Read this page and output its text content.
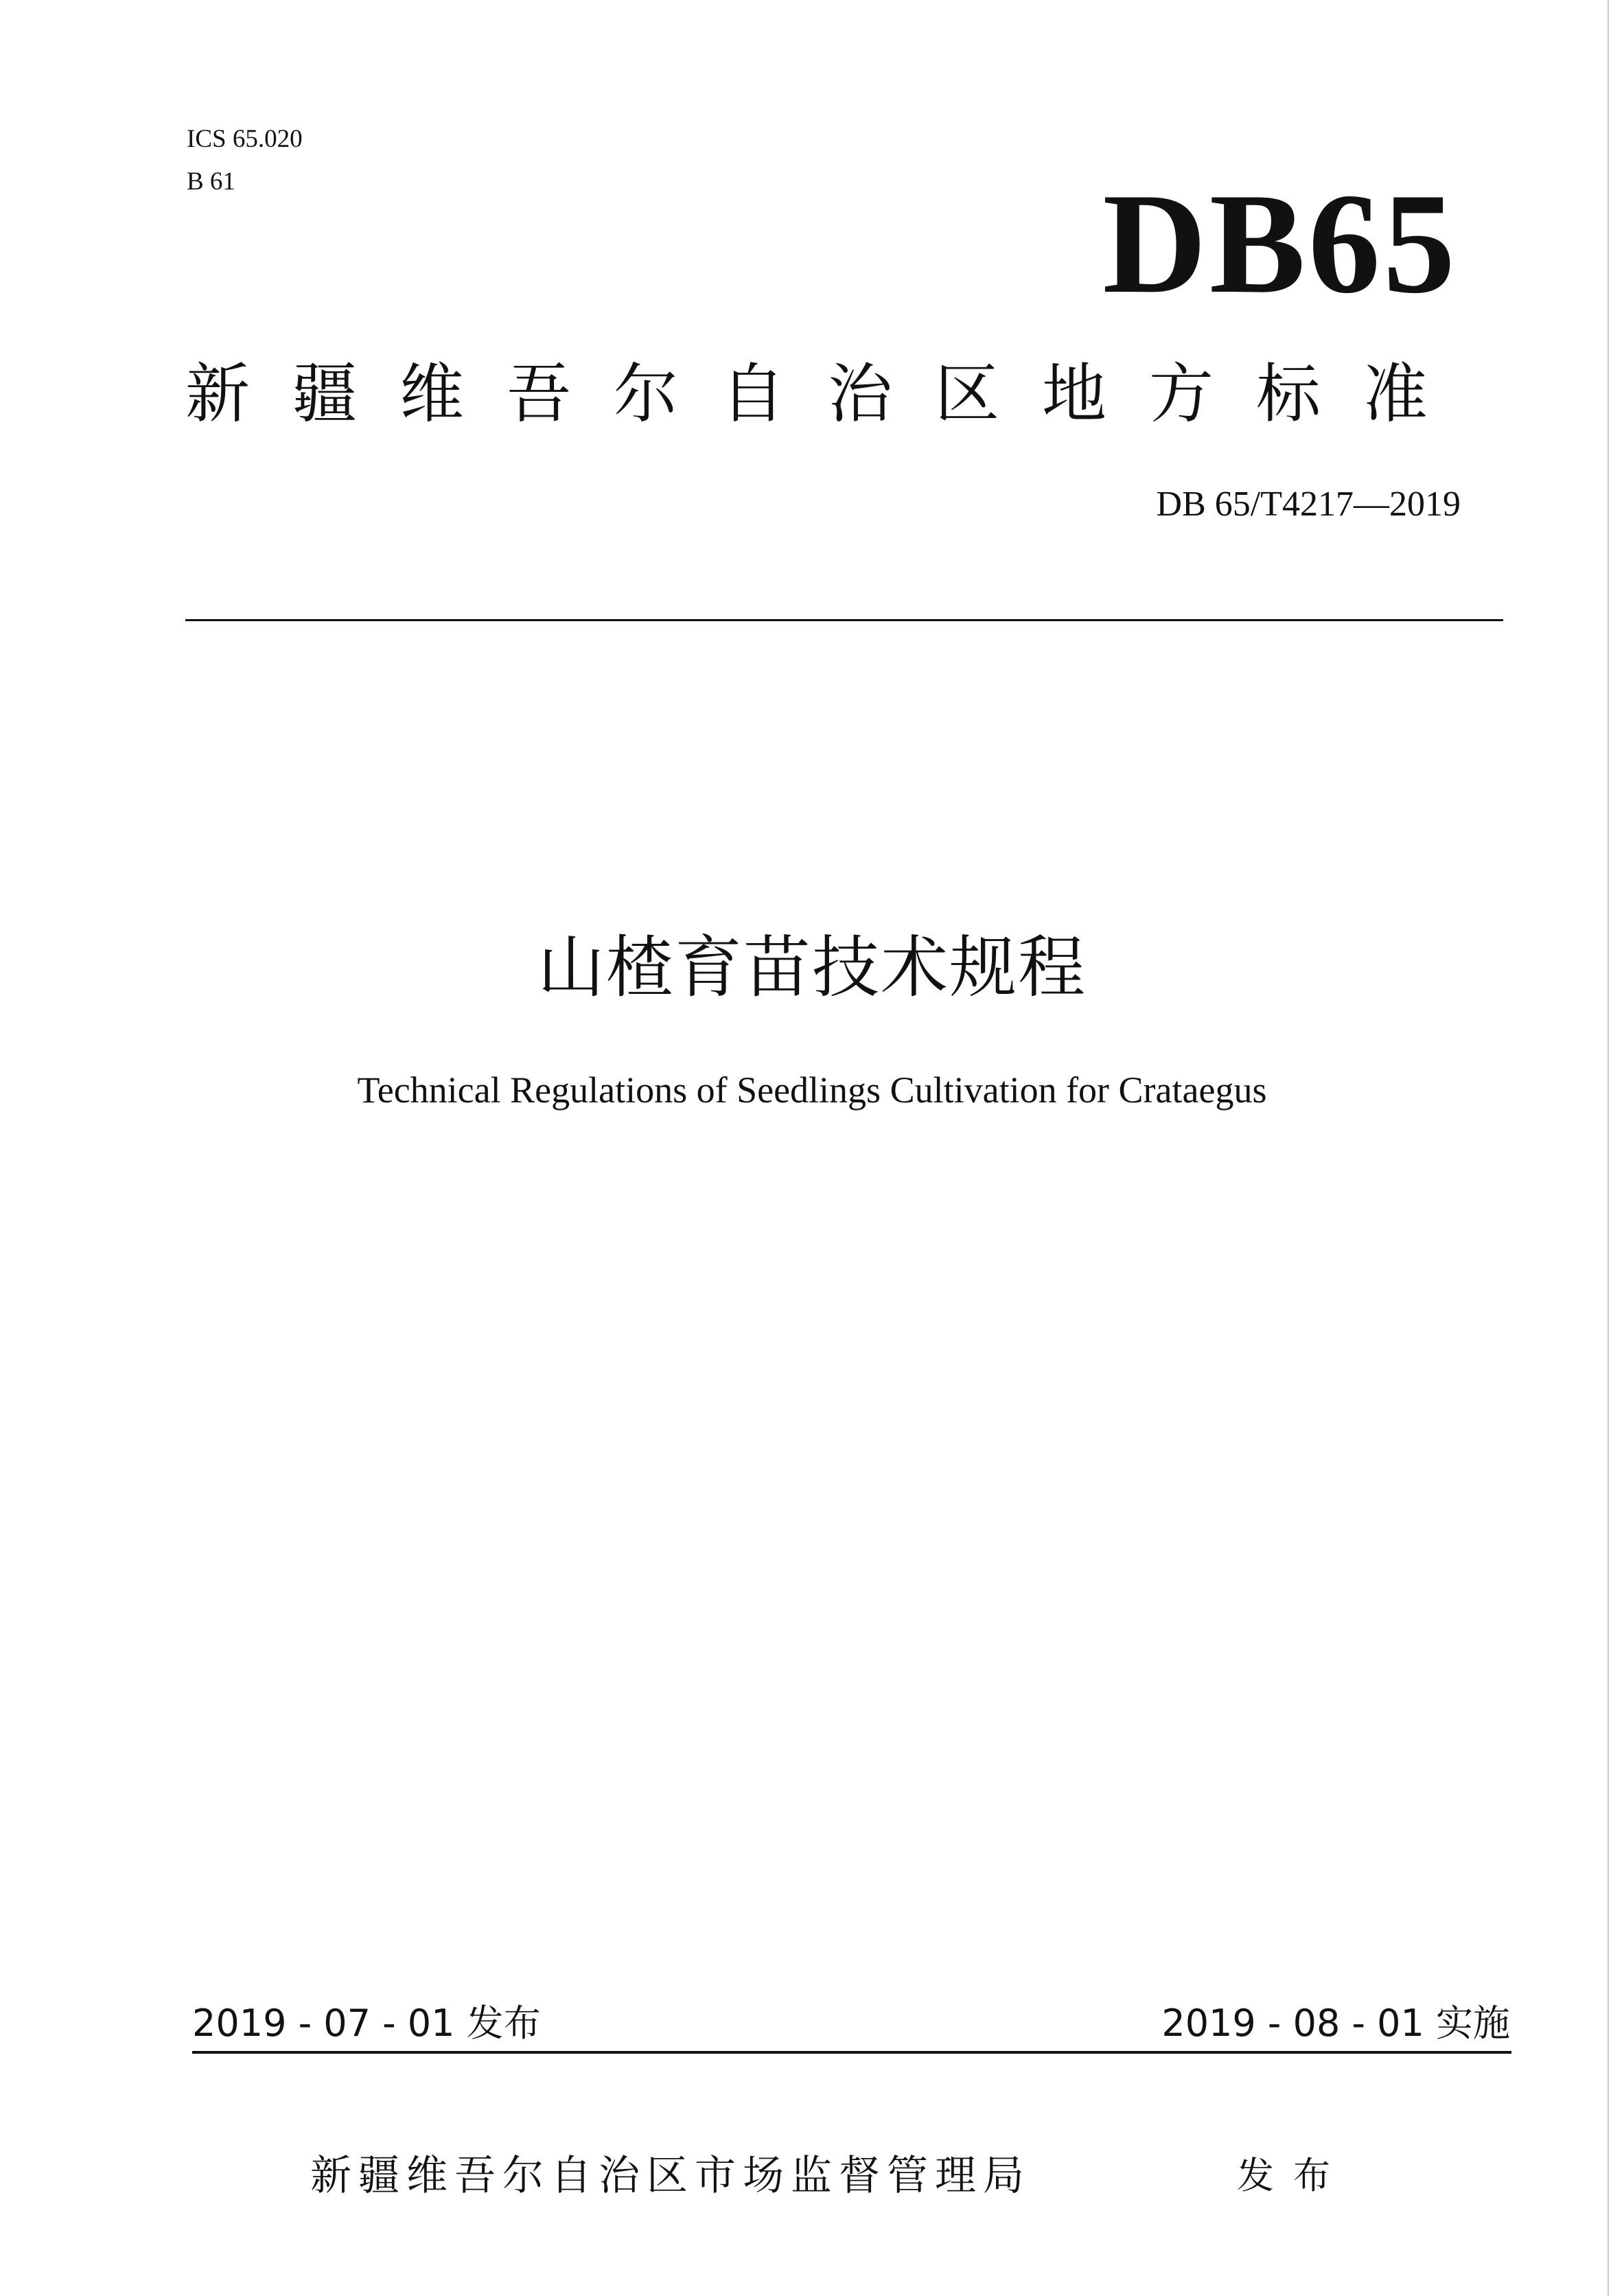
ICS 65.020
B 61	DB65
新疆维吾尔自治区地方标准
DB 65/T4217—2019
山楂育苗技术规程
Technical Regulations of Seedlings Cultivation for Crataegus
2019 - 07 - 01 发布	2019 - 08 - 01 实施
新疆维吾尔自治区市场监督管理局	发布
